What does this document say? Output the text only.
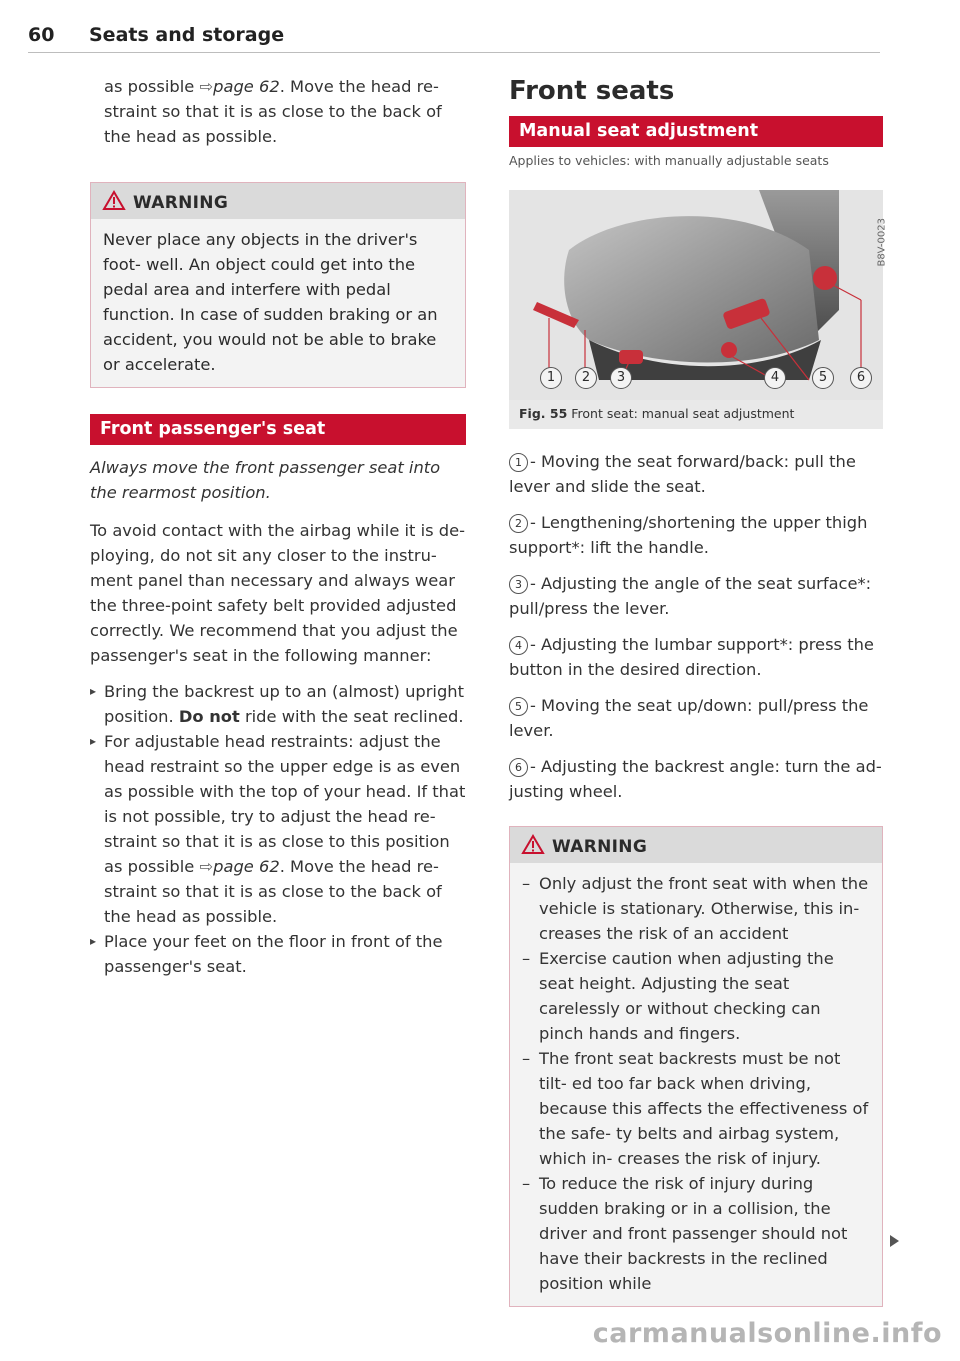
60 Seats and storage

as possible ⇨page 62. Move the head re- straint so that it is as close to the back of the head as possible.

WARNING
Never place any objects in the driver's foot- well. An object could get into the pedal area and interfere with pedal function. In case of sudden braking or an accident, you would not be able to brake or accelerate.
Front passenger's seat

Always move the front passenger seat into the rearmost position.

To avoid contact with the airbag while it is de- ploying, do not sit any closer to the instru- ment panel than necessary and always wear the three-point safety belt provided adjusted correctly. We recommend that you adjust the passenger's seat in the following manner:

▸ Bring the backrest up to an (almost) upright position. Do not ride with the seat reclined.
▸ For adjustable head restraints: adjust the head restraint so the upper edge is as even as possible with the top of your head. If that is not possible, try to adjust the head re- straint so that it is as close to this position as possible ⇨page 62. Move the head re- straint so that it is as close to the back of the head as possible.
▸ Place your feet on the floor in front of the passenger's seat.
Front seats
Manual seat adjustment
Applies to vehicles: with manually adjustable seats
B8V-0023
1	2	3	4	5	6
Fig. 55 Front seat: manual seat adjustment

1 - Moving the seat forward/back: pull the lever and slide the seat.

2 - Lengthening/shortening the upper thigh support*: lift the handle.

3 - Adjusting the angle of the seat surface*: pull/press the lever.

4 - Adjusting the lumbar support*: press the button in the desired direction.

5 - Moving the seat up/down: pull/press the lever.

6 - Adjusting the backrest angle: turn the ad- justing wheel.

WARNING
– Only adjust the front seat with when the vehicle is stationary. Otherwise, this in- creases the risk of an accident
– Exercise caution when adjusting the seat height. Adjusting the seat carelessly or without checking can pinch hands and fingers.
– The front seat backrests must be not tilt- ed too far back when driving, because this affects the effectiveness of the safe- ty belts and airbag system, which in- creases the risk of injury.
– To reduce the risk of injury during sudden braking or in a collision, the driver and front passenger should not have their backrests in the reclined position while
carmanualsonline.info
